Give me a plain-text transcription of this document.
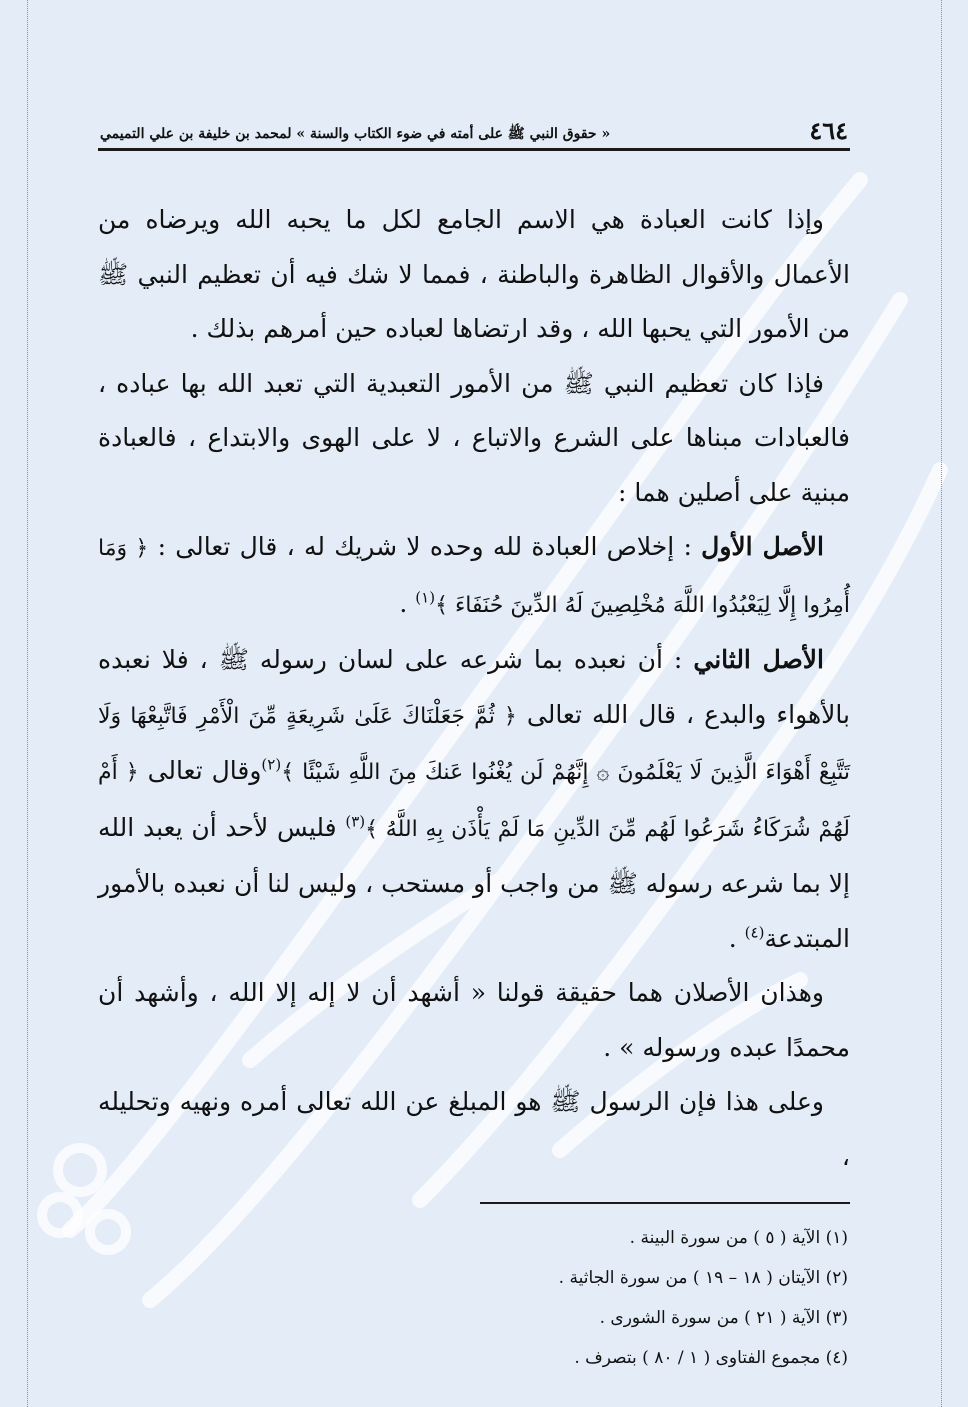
٤٦٤
« حقوق النبي ﷺ على أمته في ضوء الكتاب والسنة » لمحمد بن خليفة بن علي التميمي

وإذا كانت العبادة هي الاسم الجامع لكل ما يحبه الله ويرضاه من الأعمال والأقوال الظاهرة والباطنة ، فمما لا شك فيه أن تعظيم النبي ﷺ من الأمور التي يحبها الله ، وقد ارتضاها لعباده حين أمرهم بذلك .

فإذا كان تعظيم النبي ﷺ من الأمور التعبدية التي تعبد الله بها عباده ، فالعبادات مبناها على الشرع والاتباع ، لا على الهوى والابتداع ، فالعبادة مبنية على أصلين هما :

الأصل الأول : إخلاص العبادة لله وحده لا شريك له ، قال تعالى : ﴿ وَمَا أُمِرُوا إِلَّا لِيَعْبُدُوا اللَّهَ مُخْلِصِينَ لَهُ الدِّينَ حُنَفَاءَ ﴾$^{(١)}$ .

الأصل الثاني : أن نعبده بما شرعه على لسان رسوله ﷺ ، فلا نعبده بالأهواء والبدع ، قال الله تعالى ﴿ ثُمَّ جَعَلْنَاكَ عَلَىٰ شَرِيعَةٍ مِّنَ الْأَمْرِ فَاتَّبِعْهَا وَلَا تَتَّبِعْ أَهْوَاءَ الَّذِينَ لَا يَعْلَمُونَ ۞ إِنَّهُمْ لَن يُغْنُوا عَنكَ مِنَ اللَّهِ شَيْئًا ﴾$^{(٢)}$وقال تعالى ﴿ أَمْ لَهُمْ شُرَكَاءُ شَرَعُوا لَهُم مِّنَ الدِّينِ مَا لَمْ يَأْذَن بِهِ اللَّهُ ﴾$^{(٣)}$ فليس لأحد أن يعبد الله إلا بما شرعه رسوله ﷺ من واجب أو مستحب ، وليس لنا أن نعبده بالأمور المبتدعة$^{(٤)}$ .

وهذان الأصلان هما حقيقة قولنا « أشهد أن لا إله إلا الله ، وأشهد أن محمدًا عبده ورسوله » .

وعلى هذا فإن الرسول ﷺ هو المبلغ عن الله تعالى أمره ونهيه وتحليله ،

(١) الآية ( ٥ ) من سورة البينة .

(٢) الآيتان ( ١٨ – ١٩ ) من سورة الجاثية .

(٣) الآية ( ٢١ ) من سورة الشورى .

(٤) مجموع الفتاوى ( ١ / ٨٠ ) بتصرف .
